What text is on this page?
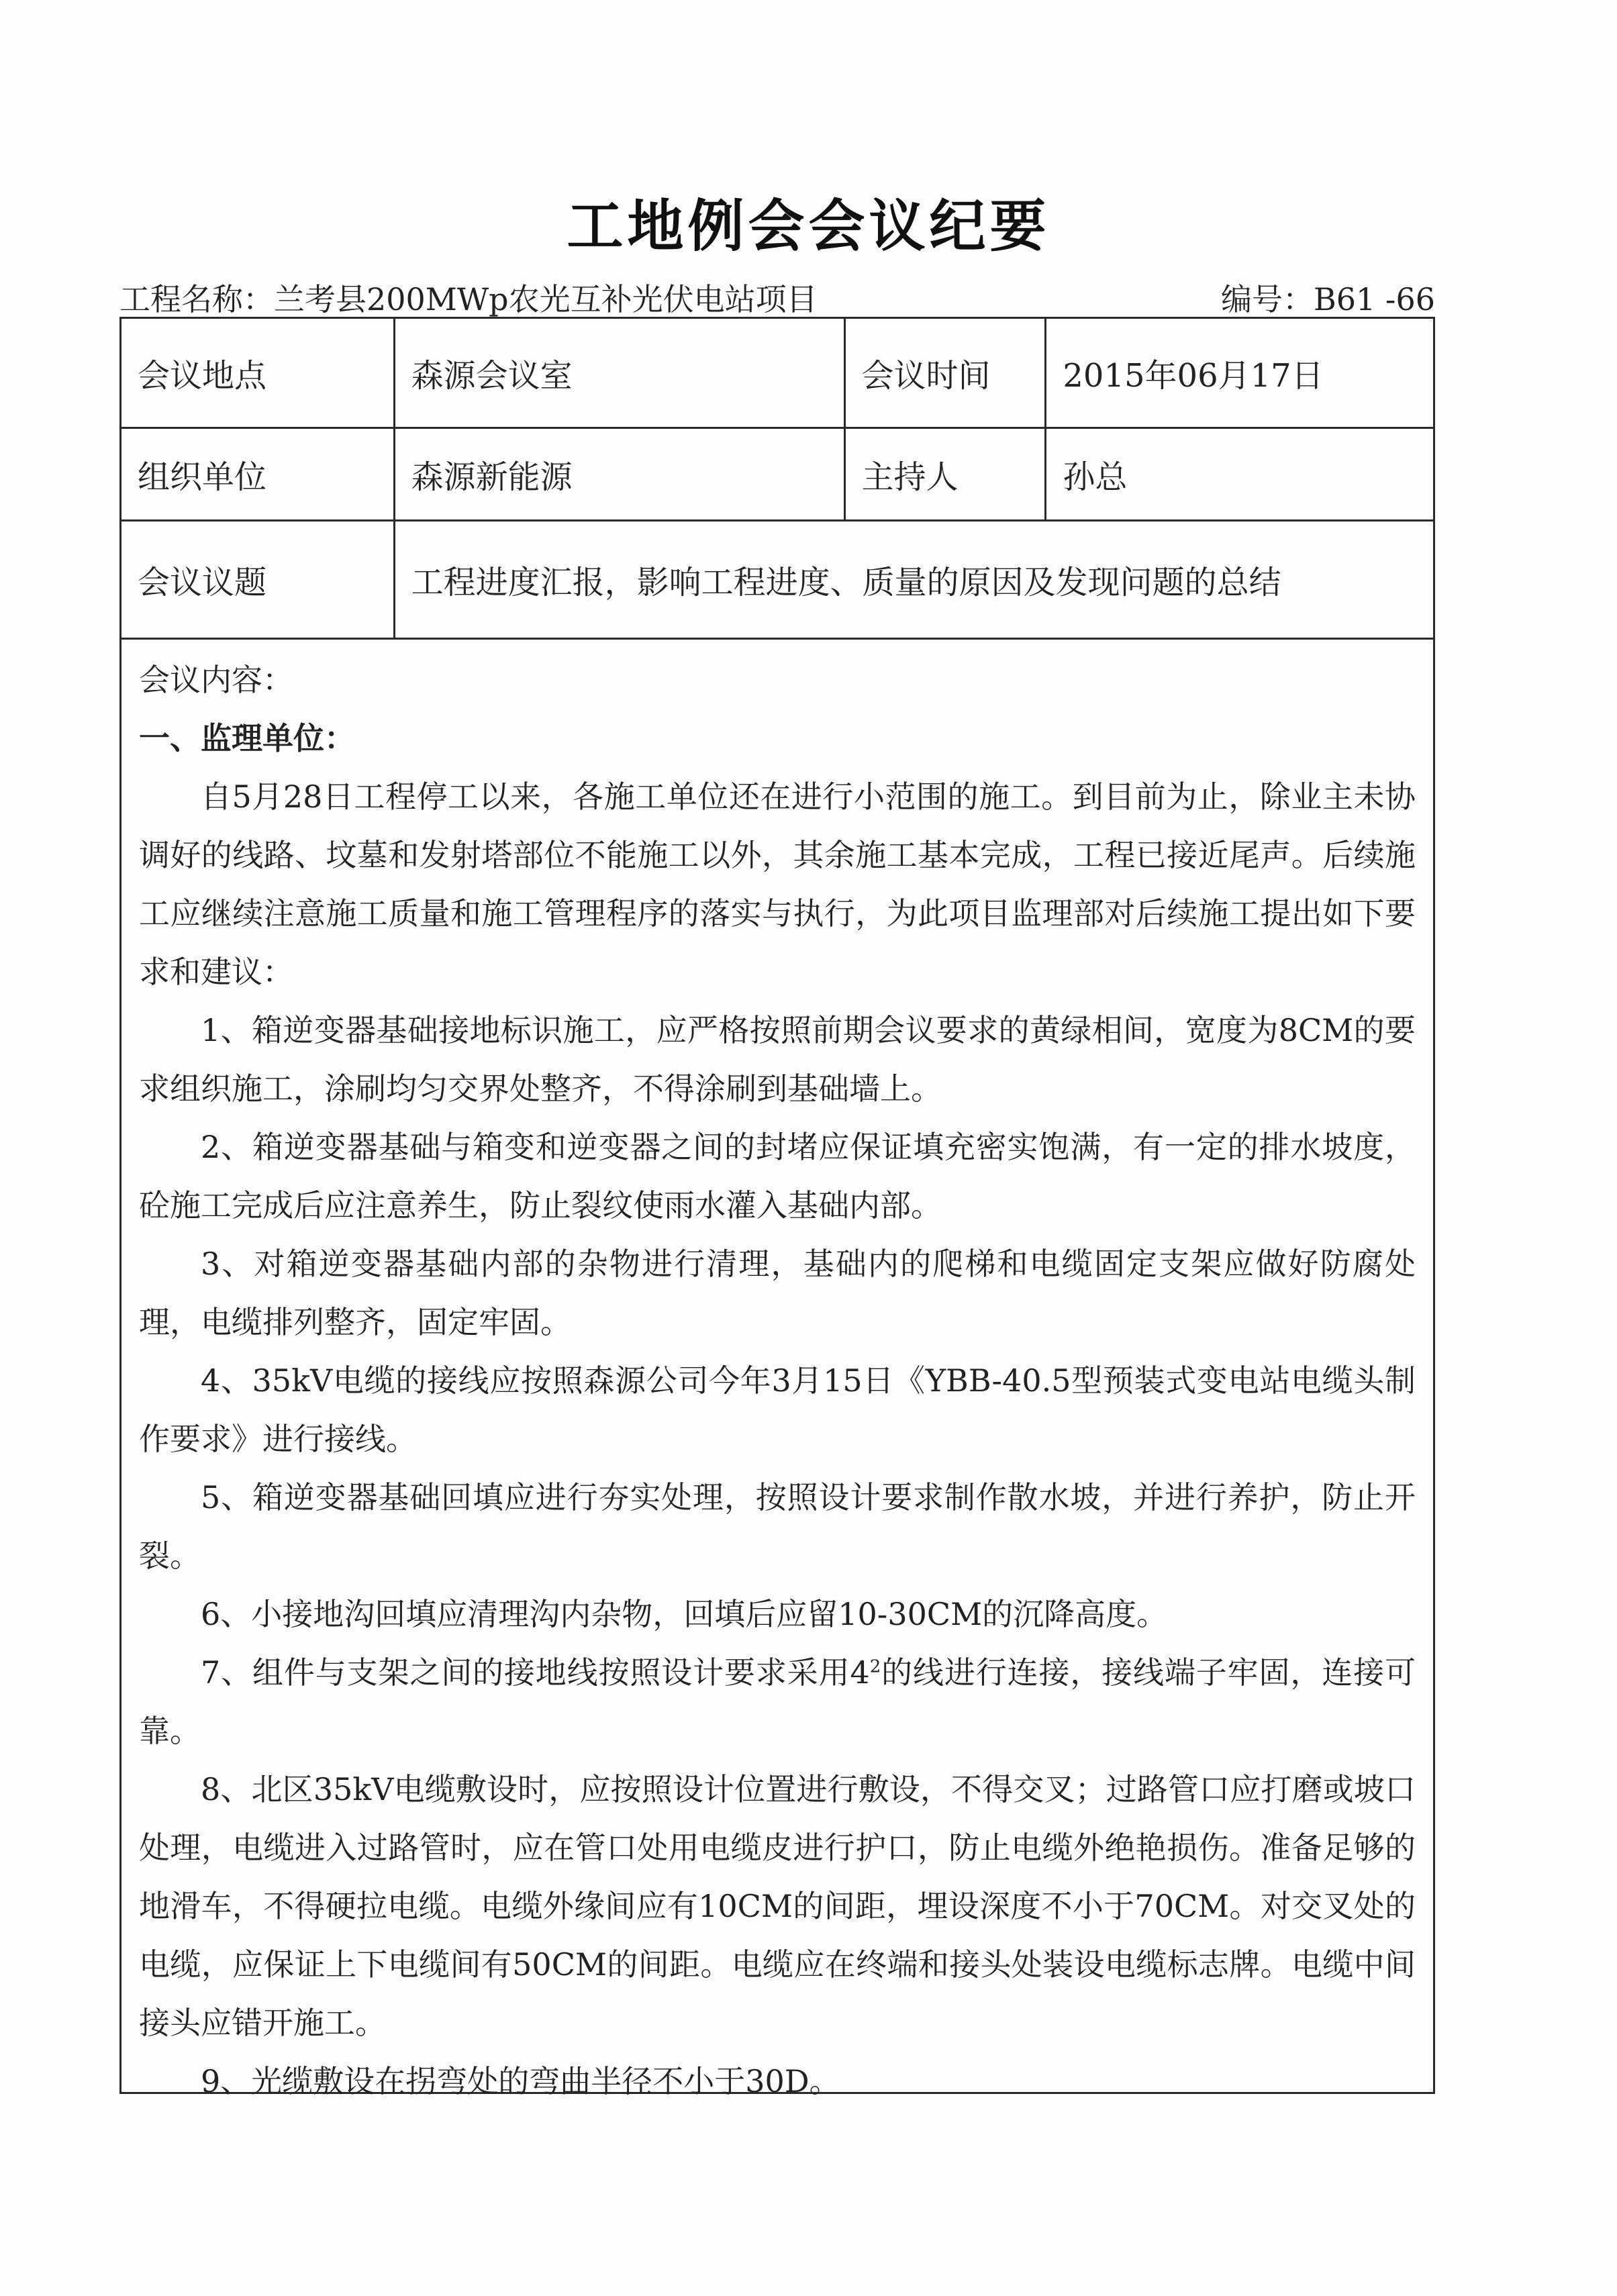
工地例会会议纪要
工程名称：兰考县200MWp农光互补光伏电站项目	编号：B61 -66
会议地点	森源会议室	会议时间	2015年06月17日
组织单位	森源新能源	主持人	孙总
会议议题	工程进度汇报，影响工程进度、质量的原因及发现问题的总结		

会议内容：

一、监理单位：

自5月28日工程停工以来，各施工单位还在进行小范围的施工。到目前为止，除业主未协调好的线路、坟墓和发射塔部位不能施工以外，其余施工基本完成，工程已接近尾声。后续施工应继续注意施工质量和施工管理程序的落实与执行，为此项目监理部对后续施工提出如下要求和建议：

1、箱逆变器基础接地标识施工，应严格按照前期会议要求的黄绿相间，宽度为8CM的要求组织施工，涂刷均匀交界处整齐，不得涂刷到基础墙上。

2、箱逆变器基础与箱变和逆变器之间的封堵应保证填充密实饱满，有一定的排水坡度，砼施工完成后应注意养生，防止裂纹使雨水灌入基础内部。

3、对箱逆变器基础内部的杂物进行清理，基础内的爬梯和电缆固定支架应做好防腐处理，电缆排列整齐，固定牢固。

4、35kV电缆的接线应按照森源公司今年3月15日《YBB-40.5型预装式变电站电缆头制作要求》进行接线。

5、箱逆变器基础回填应进行夯实处理，按照设计要求制作散水坡，并进行养护，防止开裂。

6、小接地沟回填应清理沟内杂物，回填后应留10-30CM的沉降高度。

7、组件与支架之间的接地线按照设计要求采用$4^2$的线进行连接，接线端子牢固，连接可靠。

8、北区35kV电缆敷设时，应按照设计位置进行敷设，不得交叉；过路管口应打磨或坡口处理，电缆进入过路管时，应在管口处用电缆皮进行护口，防止电缆外绝艳损伤。准备足够的地滑车，不得硬拉电缆。电缆外缘间应有10CM的间距，埋设深度不小于70CM。对交叉处的电缆，应保证上下电缆间有50CM的间距。电缆应在终端和接头处装设电缆标志牌。电缆中间接头应错开施工。

9、光缆敷设在拐弯处的弯曲半径不小于30D。
